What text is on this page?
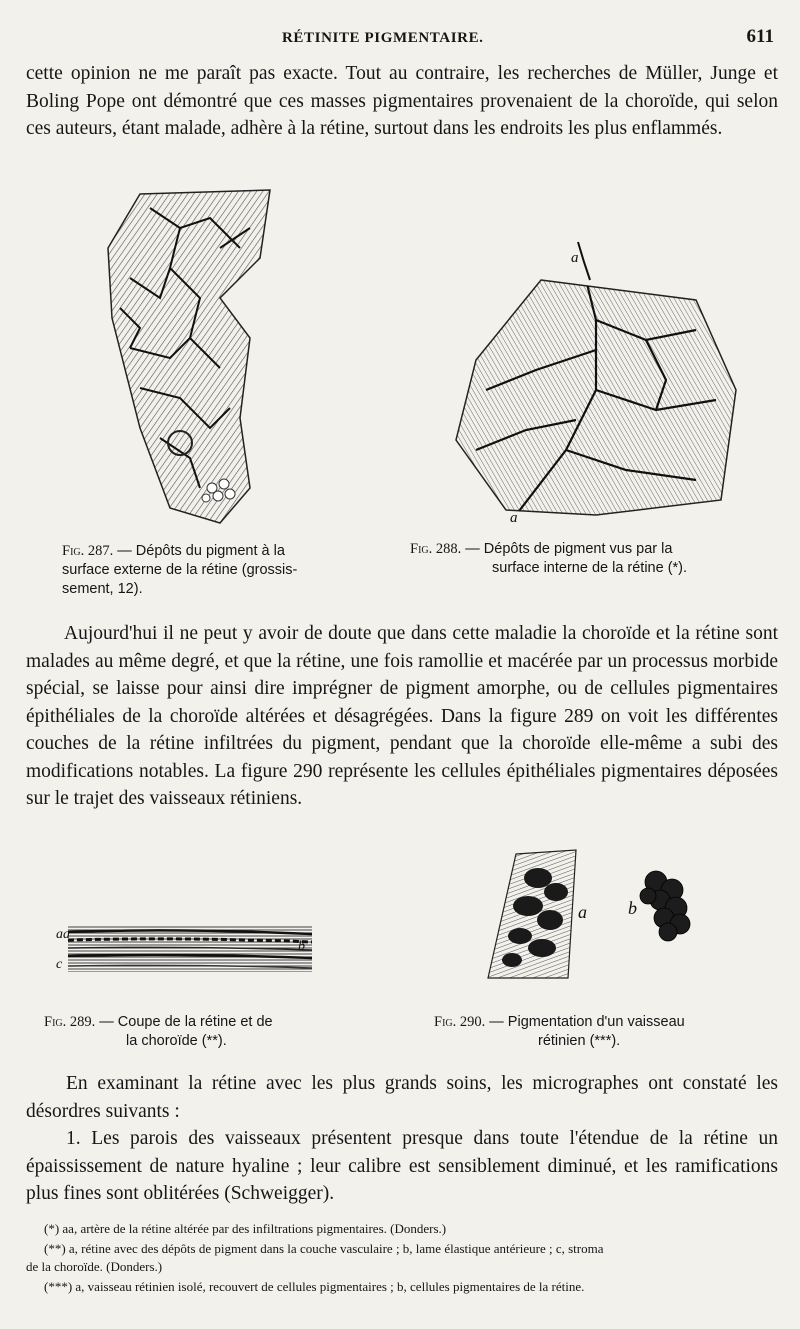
RÉTINITE PIGMENTAIRE.	611
cette opinion ne me paraît pas exacte. Tout au contraire, les recherches de Müller, Junge et Boling Pope ont démontré que ces masses pigmentaires provenaient de la choroïde, qui selon ces auteurs, étant malade, adhère à la rétine, surtout dans les endroits les plus enflammés.
a
a
Fig. 287. — Dépôts du pigment à la
surface externe de la rétine (grossis-
sement, 12).
Fig. 288. — Dépôts de pigment vus par la
surface interne de la rétine (*).
Aujourd'hui il ne peut y avoir de doute que dans cette maladie la choroïde et la rétine sont malades au même degré, et que la rétine, une fois ramollie et macérée par un processus morbide spécial, se laisse pour ainsi dire imprégner de pigment amorphe, ou de cellules pigmentaires épithéliales de la choroïde altérées et désagrégées. Dans la figure 289 on voit les différentes couches de la rétine infiltrées du pigment, pendant que la choroïde elle-même a subi des modifications notables. La figure 290 représente les cellules épithéliales pigmentaires déposées sur le trajet des vaisseaux rétiniens.
aa
b
c
a b
Fig. 289. — Coupe de la rétine et de
la choroïde (**).
Fig. 290. — Pigmentation d'un vaisseau
rétinien (***).
En examinant la rétine avec les plus grands soins, les micrographes ont constaté les désordres suivants :
1. Les parois des vaisseaux présentent presque dans toute l'étendue de la rétine un épaississement de nature hyaline ; leur calibre est sensiblement diminué, et les ramifications plus fines sont oblitérées (Schweigger).
(*) aa, artère de la rétine altérée par des infiltrations pigmentaires. (Donders.)
(**) a, rétine avec des dépôts de pigment dans la couche vasculaire ; b, lame élastique antérieure ; c, stroma
de la choroïde. (Donders.)
(***) a, vaisseau rétinien isolé, recouvert de cellules pigmentaires ; b, cellules pigmentaires de la rétine.
